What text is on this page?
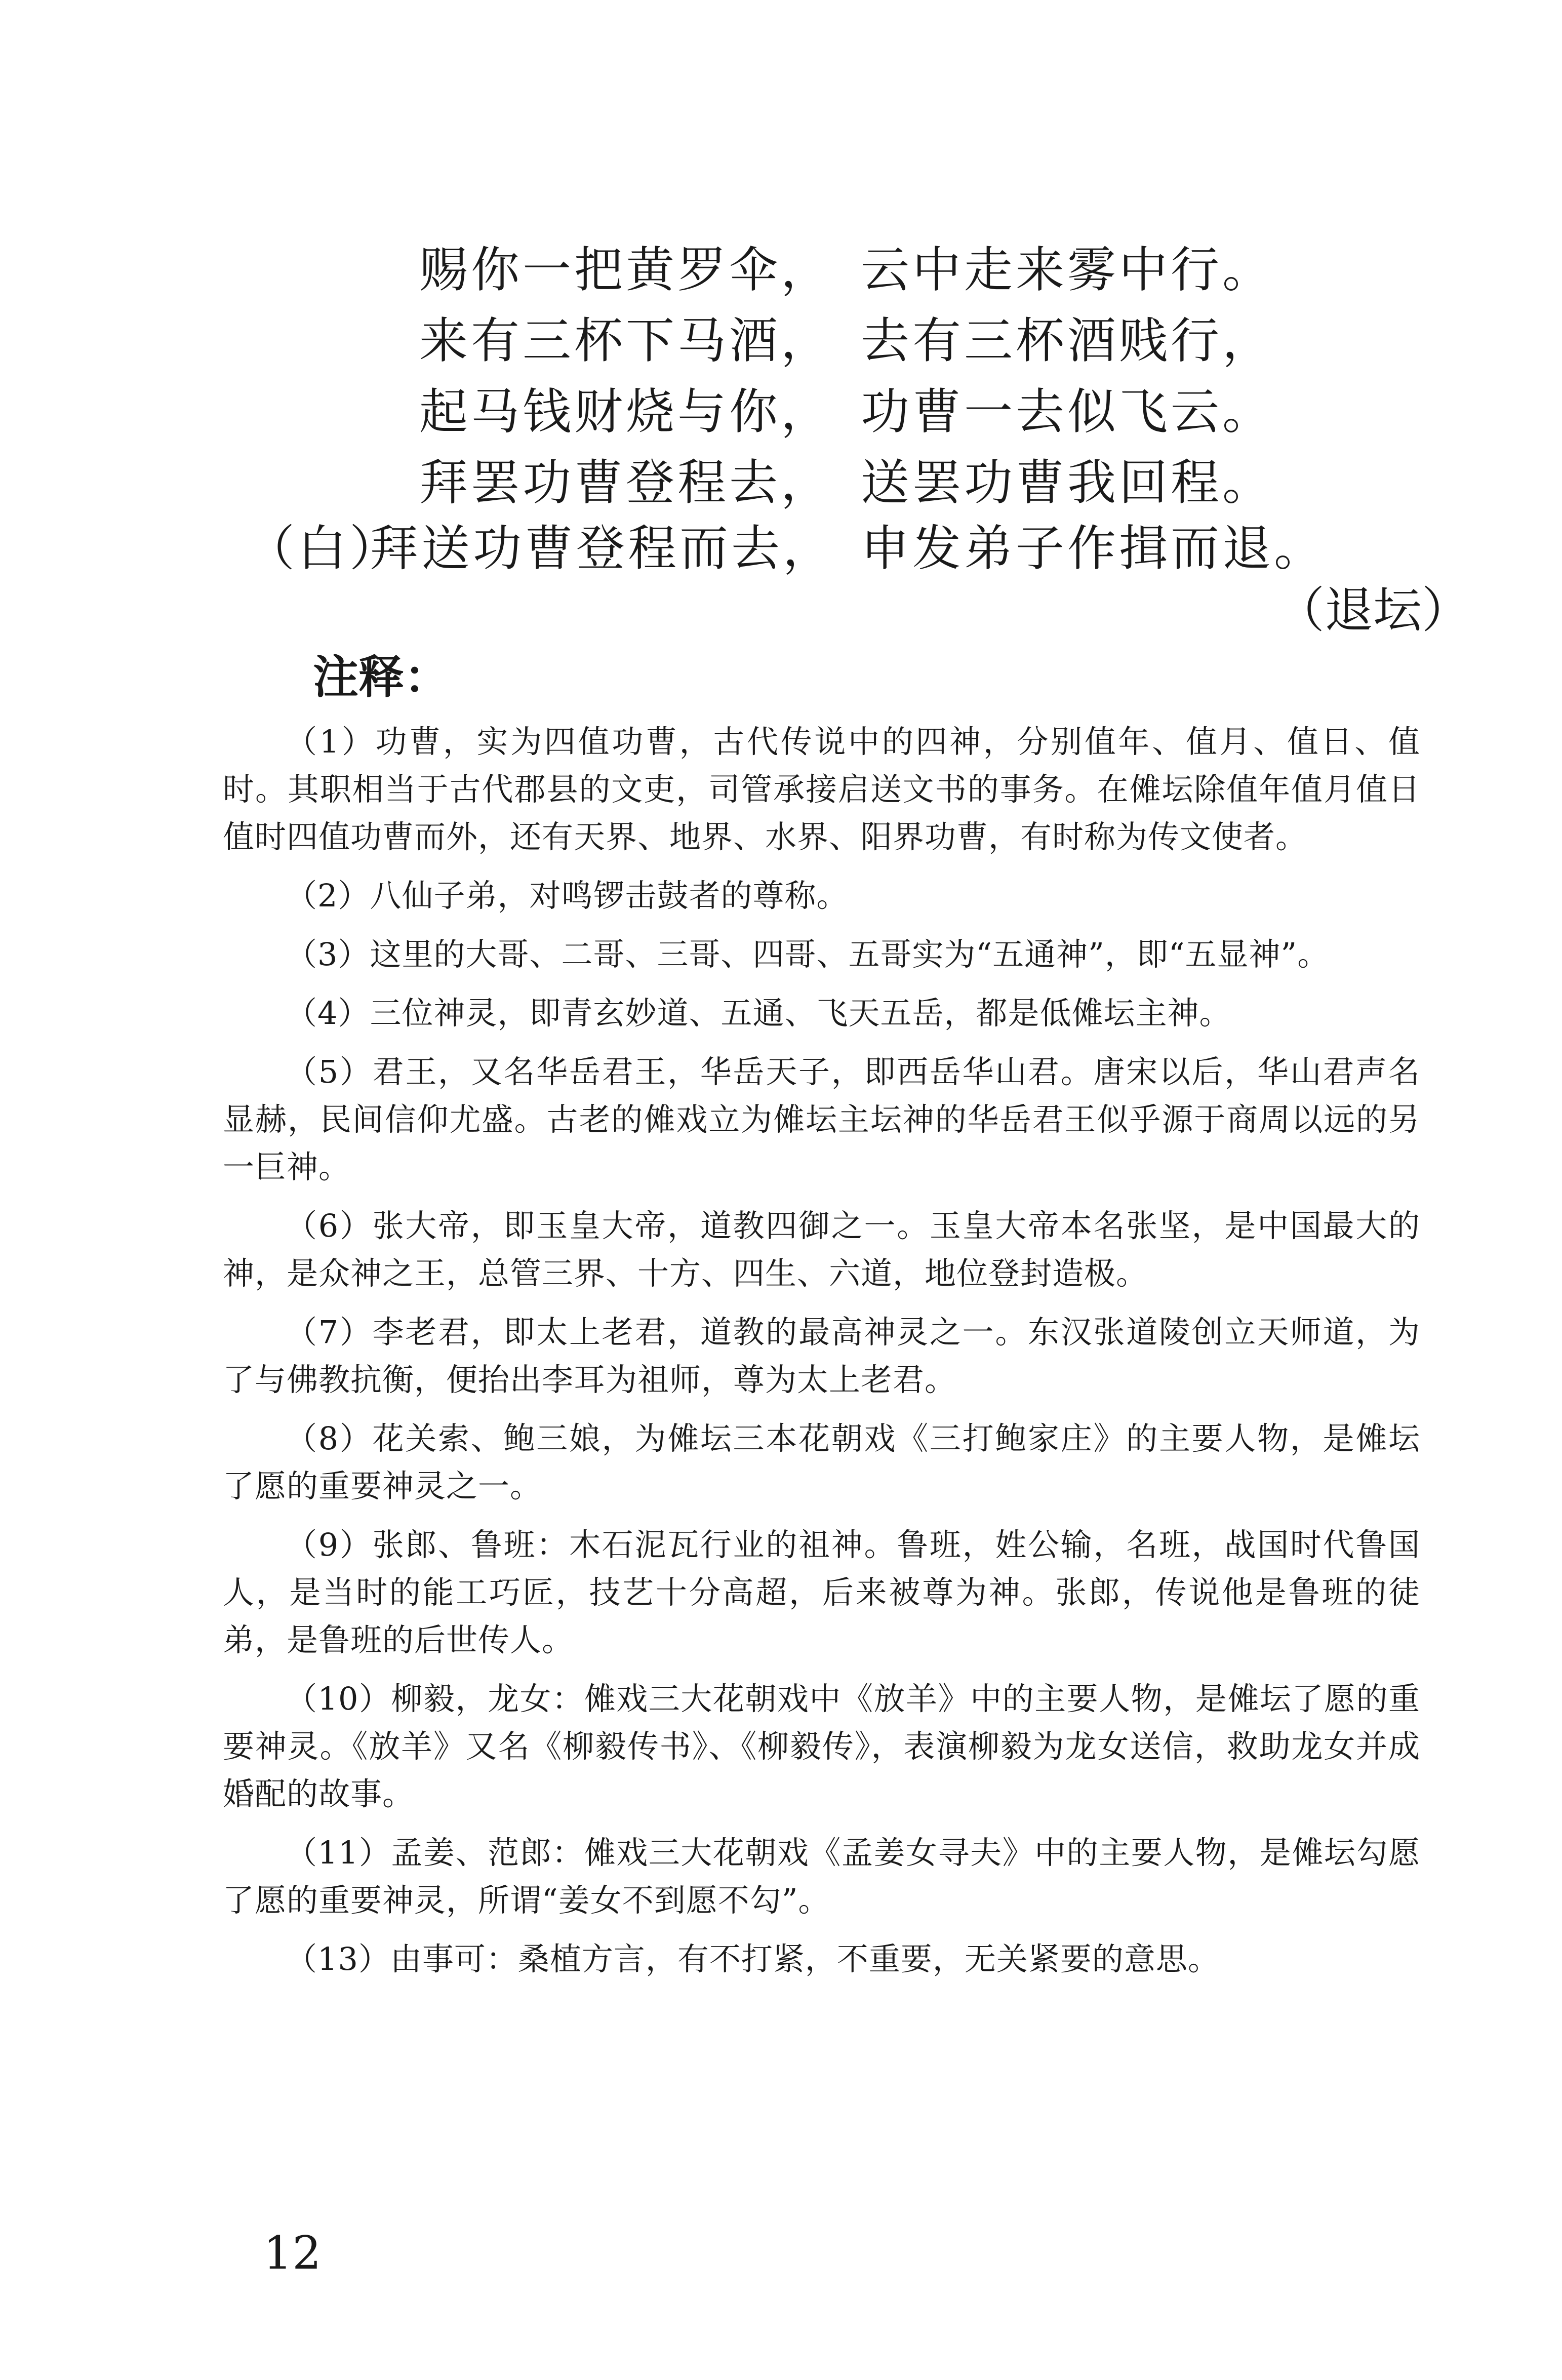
赐你一把黄罗伞， 云中走来雾中行。
来有三杯下马酒， 去有三杯酒贱行，
起马钱财烧与你， 功曹一去似飞云。
拜罢功曹登程去， 送罢功曹我回程。
（白）
拜送功曹登程而去， 申发弟子作揖而退。
（退坛）
注释：

（1）功曹，实为四值功曹，古代传说中的四神，分别值年、值月、值日、值时。其职相当于古代郡县的文吏，司管承接启送文书的事务。在傩坛除值年值月值日值时四值功曹而外，还有天界、地界、水界、阳界功曹，有时称为传文使者。

（2）八仙子弟，对鸣锣击鼓者的尊称。

（3）这里的大哥、二哥、三哥、四哥、五哥实为“五通神”，即“五显神”。

（4）三位神灵，即青玄妙道、五通、飞天五岳，都是低傩坛主神。

（5）君王，又名华岳君王，华岳天子，即西岳华山君。唐宋以后，华山君声名显赫，民间信仰尤盛。古老的傩戏立为傩坛主坛神的华岳君王似乎源于商周以远的另一巨神。

（6）张大帝，即玉皇大帝，道教四御之一。玉皇大帝本名张坚，是中国最大的神，是众神之王，总管三界、十方、四生、六道，地位登封造极。

（7）李老君，即太上老君，道教的最高神灵之一。东汉张道陵创立天师道，为了与佛教抗衡，便抬出李耳为祖师，尊为太上老君。

（8）花关索、鲍三娘，为傩坛三本花朝戏《三打鲍家庄》的主要人物，是傩坛了愿的重要神灵之一。

（9）张郎、鲁班：木石泥瓦行业的祖神。鲁班，姓公输，名班，战国时代鲁国人，是当时的能工巧匠，技艺十分高超，后来被尊为神。张郎，传说他是鲁班的徒弟，是鲁班的后世传人。

（10）柳毅，龙女：傩戏三大花朝戏中《放羊》中的主要人物，是傩坛了愿的重要神灵。《放羊》又名《柳毅传书》、《柳毅传》，表演柳毅为龙女送信，救助龙女并成婚配的故事。

（11）孟姜、范郎：傩戏三大花朝戏《孟姜女寻夫》中的主要人物，是傩坛勾愿了愿的重要神灵，所谓“姜女不到愿不勾”。

（13）由事可：桑植方言，有不打紧，不重要，无关紧要的意思。

12
